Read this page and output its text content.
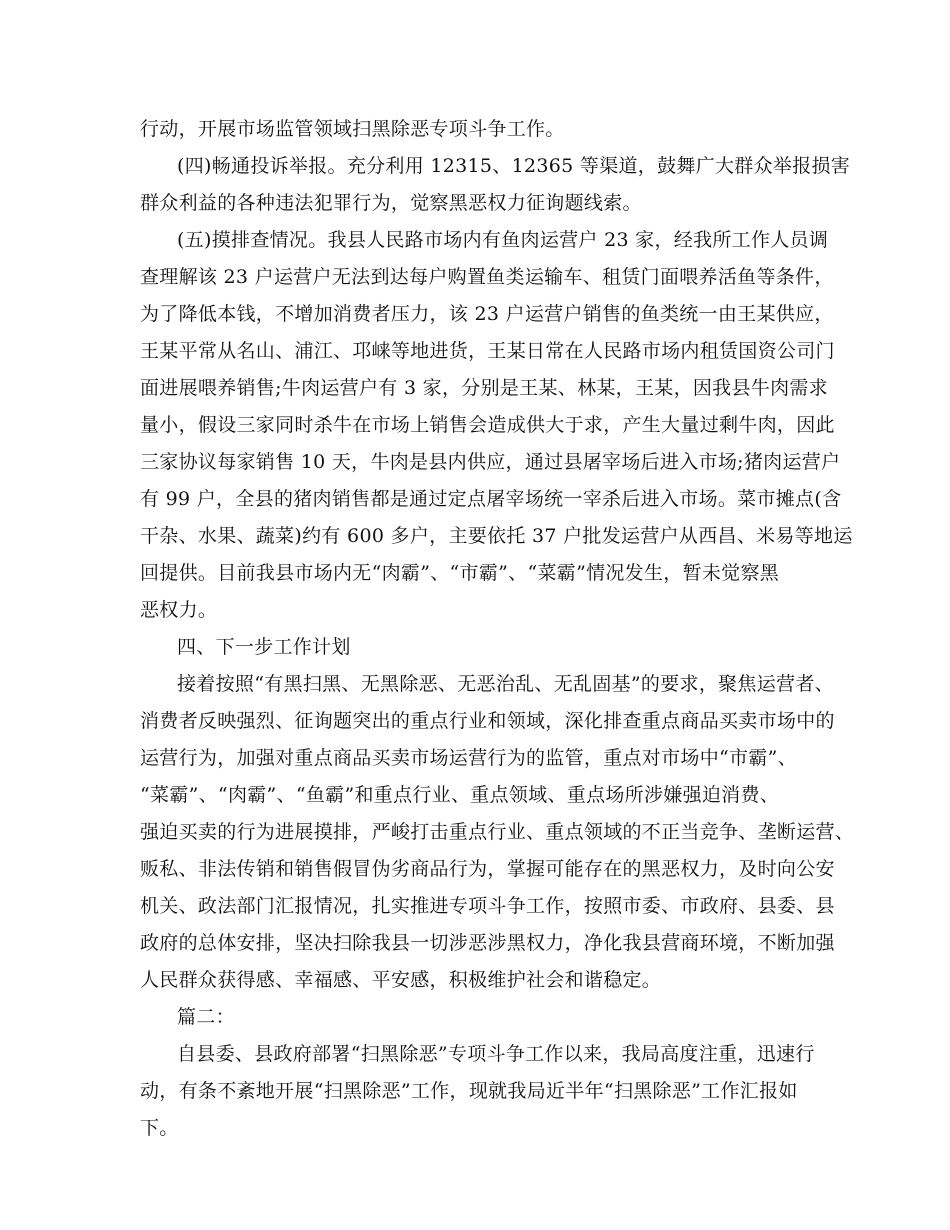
行动，开展市场监管领域扫黑除恶专项斗争工作。
(四)畅通投诉举报。充分利用 12315、12365 等渠道，鼓舞广大群众举报损害
群众利益的各种违法犯罪行为，觉察黑恶权力征询题线索。
(五)摸排查情况。我县人民路市场内有鱼肉运营户 23 家，经我所工作人员调
查理解该 23 户运营户无法到达每户购置鱼类运输车、租赁门面喂养活鱼等条件，
为了降低本钱，不增加消费者压力，该 23 户运营户销售的鱼类统一由王某供应，
王某平常从名山、浦江、邛崃等地进货，王某日常在人民路市场内租赁国资公司门
面进展喂养销售;牛肉运营户有 3 家，分别是王某、林某，王某，因我县牛肉需求
量小，假设三家同时杀牛在市场上销售会造成供大于求，产生大量过剩牛肉，因此
三家协议每家销售 10 天，牛肉是县内供应，通过县屠宰场后进入市场;猪肉运营户
有 99 户，全县的猪肉销售都是通过定点屠宰场统一宰杀后进入市场。菜市摊点(含
干杂、水果、蔬菜)约有 600 多户，主要依托 37 户批发运营户从西昌、米易等地运
回提供。目前我县市场内无“肉霸”、“市霸”、“菜霸”情况发生，暂未觉察黑
恶权力。
四、下一步工作计划
接着按照“有黑扫黑、无黑除恶、无恶治乱、无乱固基”的要求，聚焦运营者、
消费者反映强烈、征询题突出的重点行业和领域，深化排查重点商品买卖市场中的
运营行为，加强对重点商品买卖市场运营行为的监管，重点对市场中“市霸”、
“菜霸”、“肉霸”、“鱼霸”和重点行业、重点领域、重点场所涉嫌强迫消费、
强迫买卖的行为进展摸排，严峻打击重点行业、重点领域的不正当竞争、垄断运营、
贩私、非法传销和销售假冒伪劣商品行为，掌握可能存在的黑恶权力，及时向公安
机关、政法部门汇报情况，扎实推进专项斗争工作，按照市委、市政府、县委、县
政府的总体安排，坚决扫除我县一切涉恶涉黑权力，净化我县营商环境，不断加强
人民群众获得感、幸福感、平安感，积极维护社会和谐稳定。
篇二：
自县委、县政府部署“扫黑除恶”专项斗争工作以来，我局高度注重，迅速行
动，有条不紊地开展“扫黑除恶”工作，现就我局近半年“扫黑除恶”工作汇报如
下。
